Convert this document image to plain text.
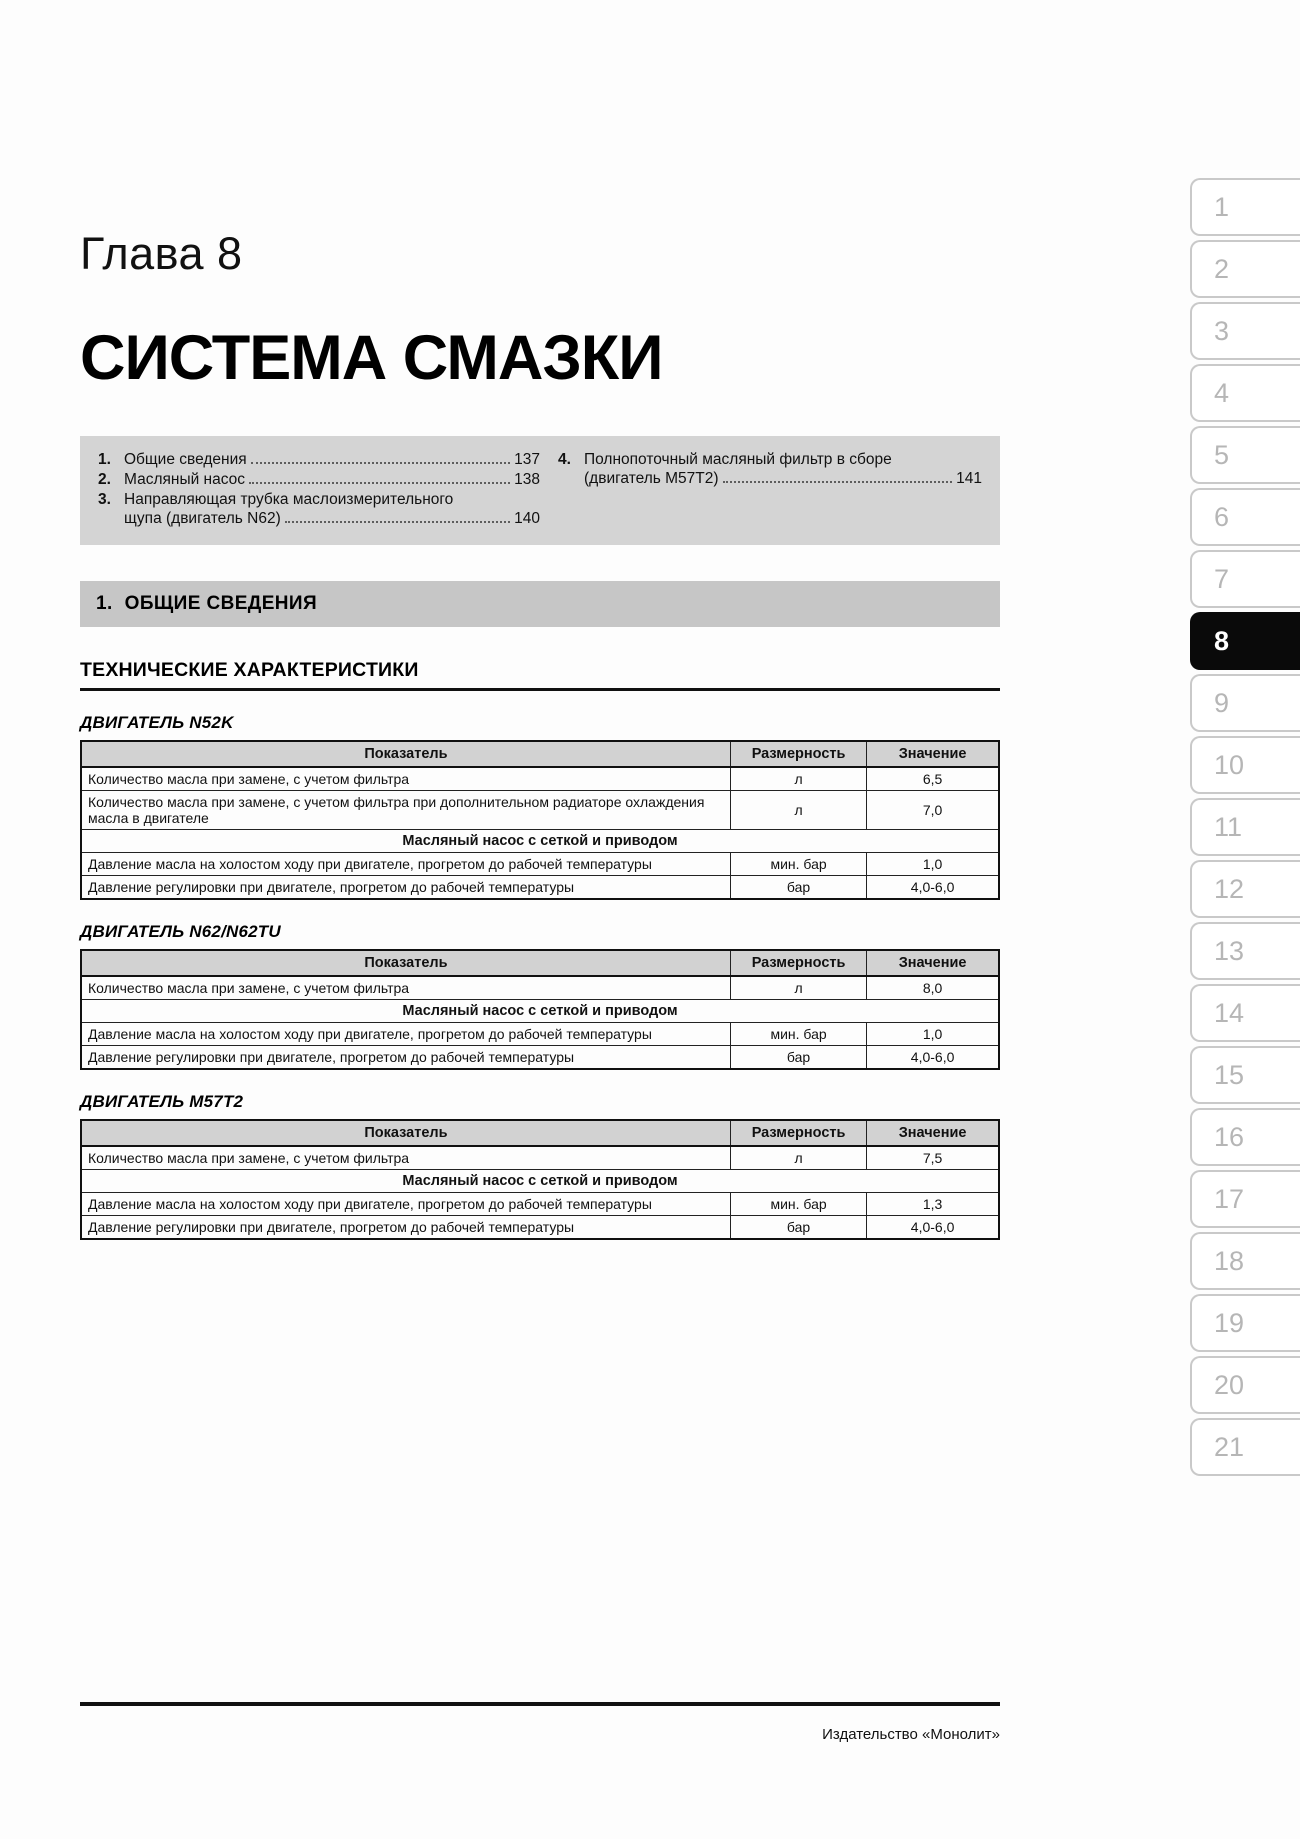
1
2
3
4
5
6
7
8
9
10
11
12
13
14
15
16
17
18
19
20
21
Глава 8
СИСТЕМА СМАЗКИ
1. Общие сведения	137
2. Масляный насос	138
3. Направляющая трубка маслоизмерительного
щупа (двигатель N62)	140
4. Полнопоточный масляный фильтр в сборе
(двигатель M57T2)	141
1. ОБЩИЕ СВЕДЕНИЯ
ТЕХНИЧЕСКИЕ ХАРАКТЕРИСТИКИ
ДВИГАТЕЛЬ N52K
Показатель	Размерность	Значение
Количество масла при замене, с учетом фильтра	л	6,5
Количество масла при замене, с учетом фильтра при дополнительном радиаторе охлаждения масла в двигателе	л	7,0
Масляный насос с сеткой и приводом		
Давление масла на холостом ходу при двигателе, прогретом до рабочей температуры	мин. бар	1,0
Давление регулировки при двигателе, прогретом до рабочей температуры	бар	4,0-6,0
ДВИГАТЕЛЬ N62/N62TU
Показатель	Размерность	Значение
Количество масла при замене, с учетом фильтра	л	8,0
Масляный насос с сеткой и приводом		
Давление масла на холостом ходу при двигателе, прогретом до рабочей температуры	мин. бар	1,0
Давление регулировки при двигателе, прогретом до рабочей температуры	бар	4,0-6,0
ДВИГАТЕЛЬ M57T2
Показатель	Размерность	Значение
Количество масла при замене, с учетом фильтра	л	7,5
Масляный насос с сеткой и приводом		
Давление масла на холостом ходу при двигателе, прогретом до рабочей температуры	мин. бар	1,3
Давление регулировки при двигателе, прогретом до рабочей температуры	бар	4,0-6,0
Издательство «Монолит»
